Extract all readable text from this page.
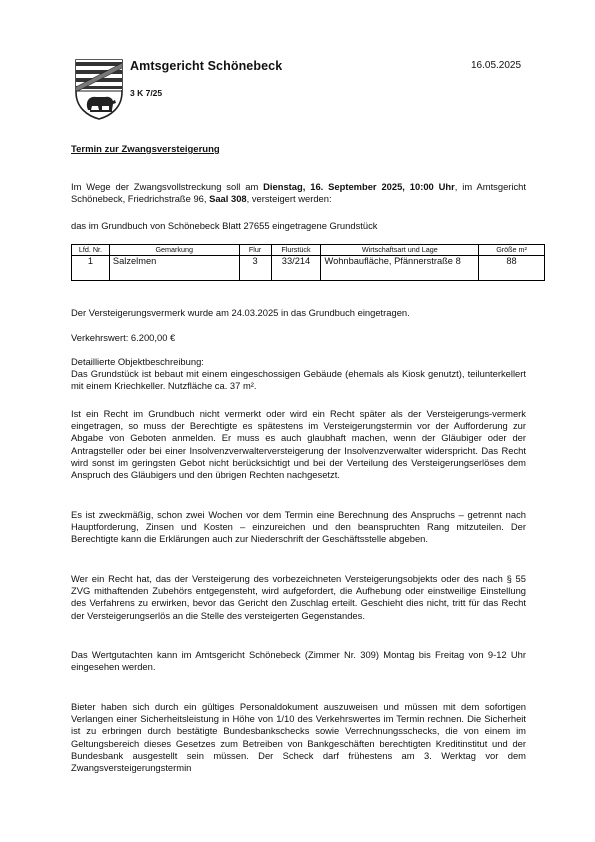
Amtsgericht Schönebeck
3 K 7/25
16.05.2025
Termin zur Zwangsversteigerung

Im Wege der Zwangsvollstreckung soll am Dienstag, 16. September 2025, 10:00 Uhr, im Amtsgericht Schönebeck, Friedrichstraße 96, Saal 308, versteigert werden:

das im Grundbuch von Schönebeck Blatt 27655 eingetragene Grundstück

Lfd. Nr.	Gemarkung	Flur	Flurstück	Wirtschaftsart und Lage	Größe m²
1	Salzelmen	3	33/214	Wohnbaufläche, Pfännerstraße 8	88

Der Versteigerungsvermerk wurde am 24.03.2025 in das Grundbuch eingetragen.

Verkehrswert: 6.200,00 €

Detaillierte Objektbeschreibung:

Das Grundstück ist bebaut mit einem eingeschossigen Gebäude (ehemals als Kiosk genutzt), teilunterkellert mit einem Kriechkeller. Nutzfläche ca. 37 m².

Ist ein Recht im Grundbuch nicht vermerkt oder wird ein Recht später als der Versteigerungs-vermerk eingetragen, so muss der Berechtigte es spätestens im Versteigerungstermin vor der Aufforderung zur Abgabe von Geboten anmelden. Er muss es auch glaubhaft machen, wenn der Gläubiger oder der Antragsteller oder bei einer Insolvenzverwalterversteigerung der Insolvenzverwalter widerspricht. Das Recht wird sonst im geringsten Gebot nicht berücksichtigt und bei der Verteilung des Versteigerungserlöses dem Anspruch des Gläubigers und den übrigen Rechten nachgesetzt.

Es ist zweckmäßig, schon zwei Wochen vor dem Termin eine Berechnung des Anspruchs – getrennt nach Hauptforderung, Zinsen und Kosten – einzureichen und den beanspruchten Rang mitzuteilen. Der Berechtigte kann die Erklärungen auch zur Niederschrift der Geschäftsstelle abgeben.

Wer ein Recht hat, das der Versteigerung des vorbezeichneten Versteigerungsobjekts oder des nach § 55 ZVG mithaftenden Zubehörs entgegensteht, wird aufgefordert, die Aufhebung oder einstweilige Einstellung des Verfahrens zu erwirken, bevor das Gericht den Zuschlag erteilt. Geschieht dies nicht, tritt für das Recht der Versteigerungserlös an die Stelle des versteigerten Gegenstandes.

Das Wertgutachten kann im Amtsgericht Schönebeck (Zimmer Nr. 309) Montag bis Freitag von 9-12 Uhr eingesehen werden.

Bieter haben sich durch ein gültiges Personaldokument auszuweisen und müssen mit dem sofortigen Verlangen einer Sicherheitsleistung in Höhe von 1/10 des Verkehrswertes im Termin rechnen. Die Sicherheit ist zu erbringen durch bestätigte Bundesbankschecks sowie Verrechnungsschecks, die von einem im Geltungsbereich dieses Gesetzes zum Betreiben von Bankgeschäften berechtigten Kreditinstitut und der Bundesbank ausgestellt sein müssen. Der Scheck darf frühestens am 3. Werktag vor dem Zwangsversteigerungstermin
